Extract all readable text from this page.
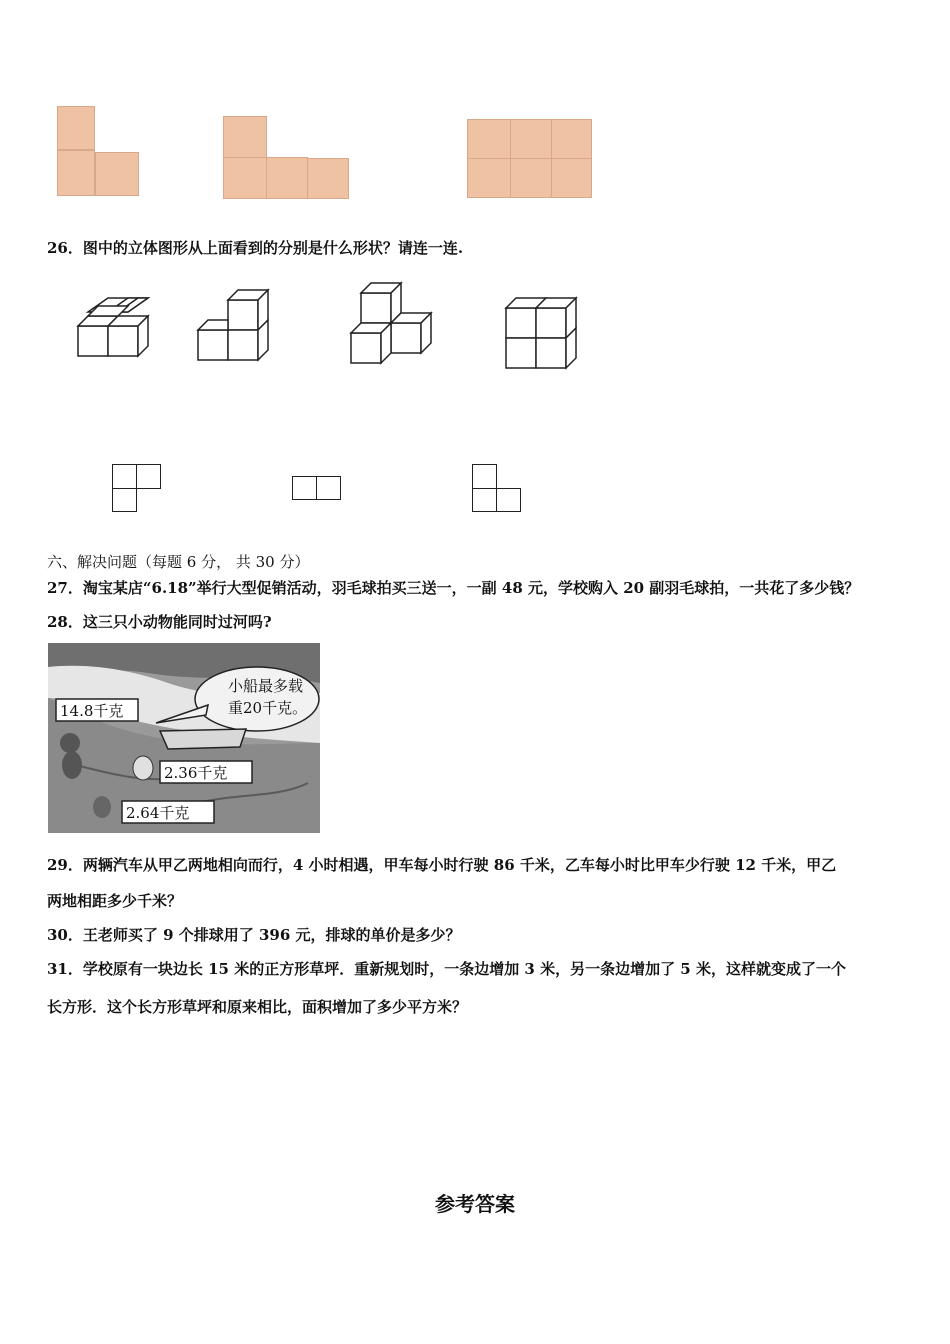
26．图中的立体图形从上面看到的分别是什么形状？请连一连.
六、解决问题（每题 6 分， 共 30 分）
27．淘宝某店“6.18”举行大型促销活动，羽毛球拍买三送一，一副 48 元，学校购入 20 副羽毛球拍，一共花了多少钱？
28．这三只小动物能同时过河吗?
小船最多载
重20千克。
14.8千克
2.36千克
2.64千克
29．两辆汽车从甲乙两地相向而行，4 小时相遇，甲车每小时行驶 86 千米，乙车每小时比甲车少行驶 12 千米，甲乙
两地相距多少千米？
30．王老师买了 9 个排球用了 396 元，排球的单价是多少？
31．学校原有一块边长 15 米的正方形草坪．重新规划时，一条边增加 3 米，另一条边增加了 5 米，这样就变成了一个
长方形．这个长方形草坪和原来相比，面积增加了多少平方米？
参考答案
